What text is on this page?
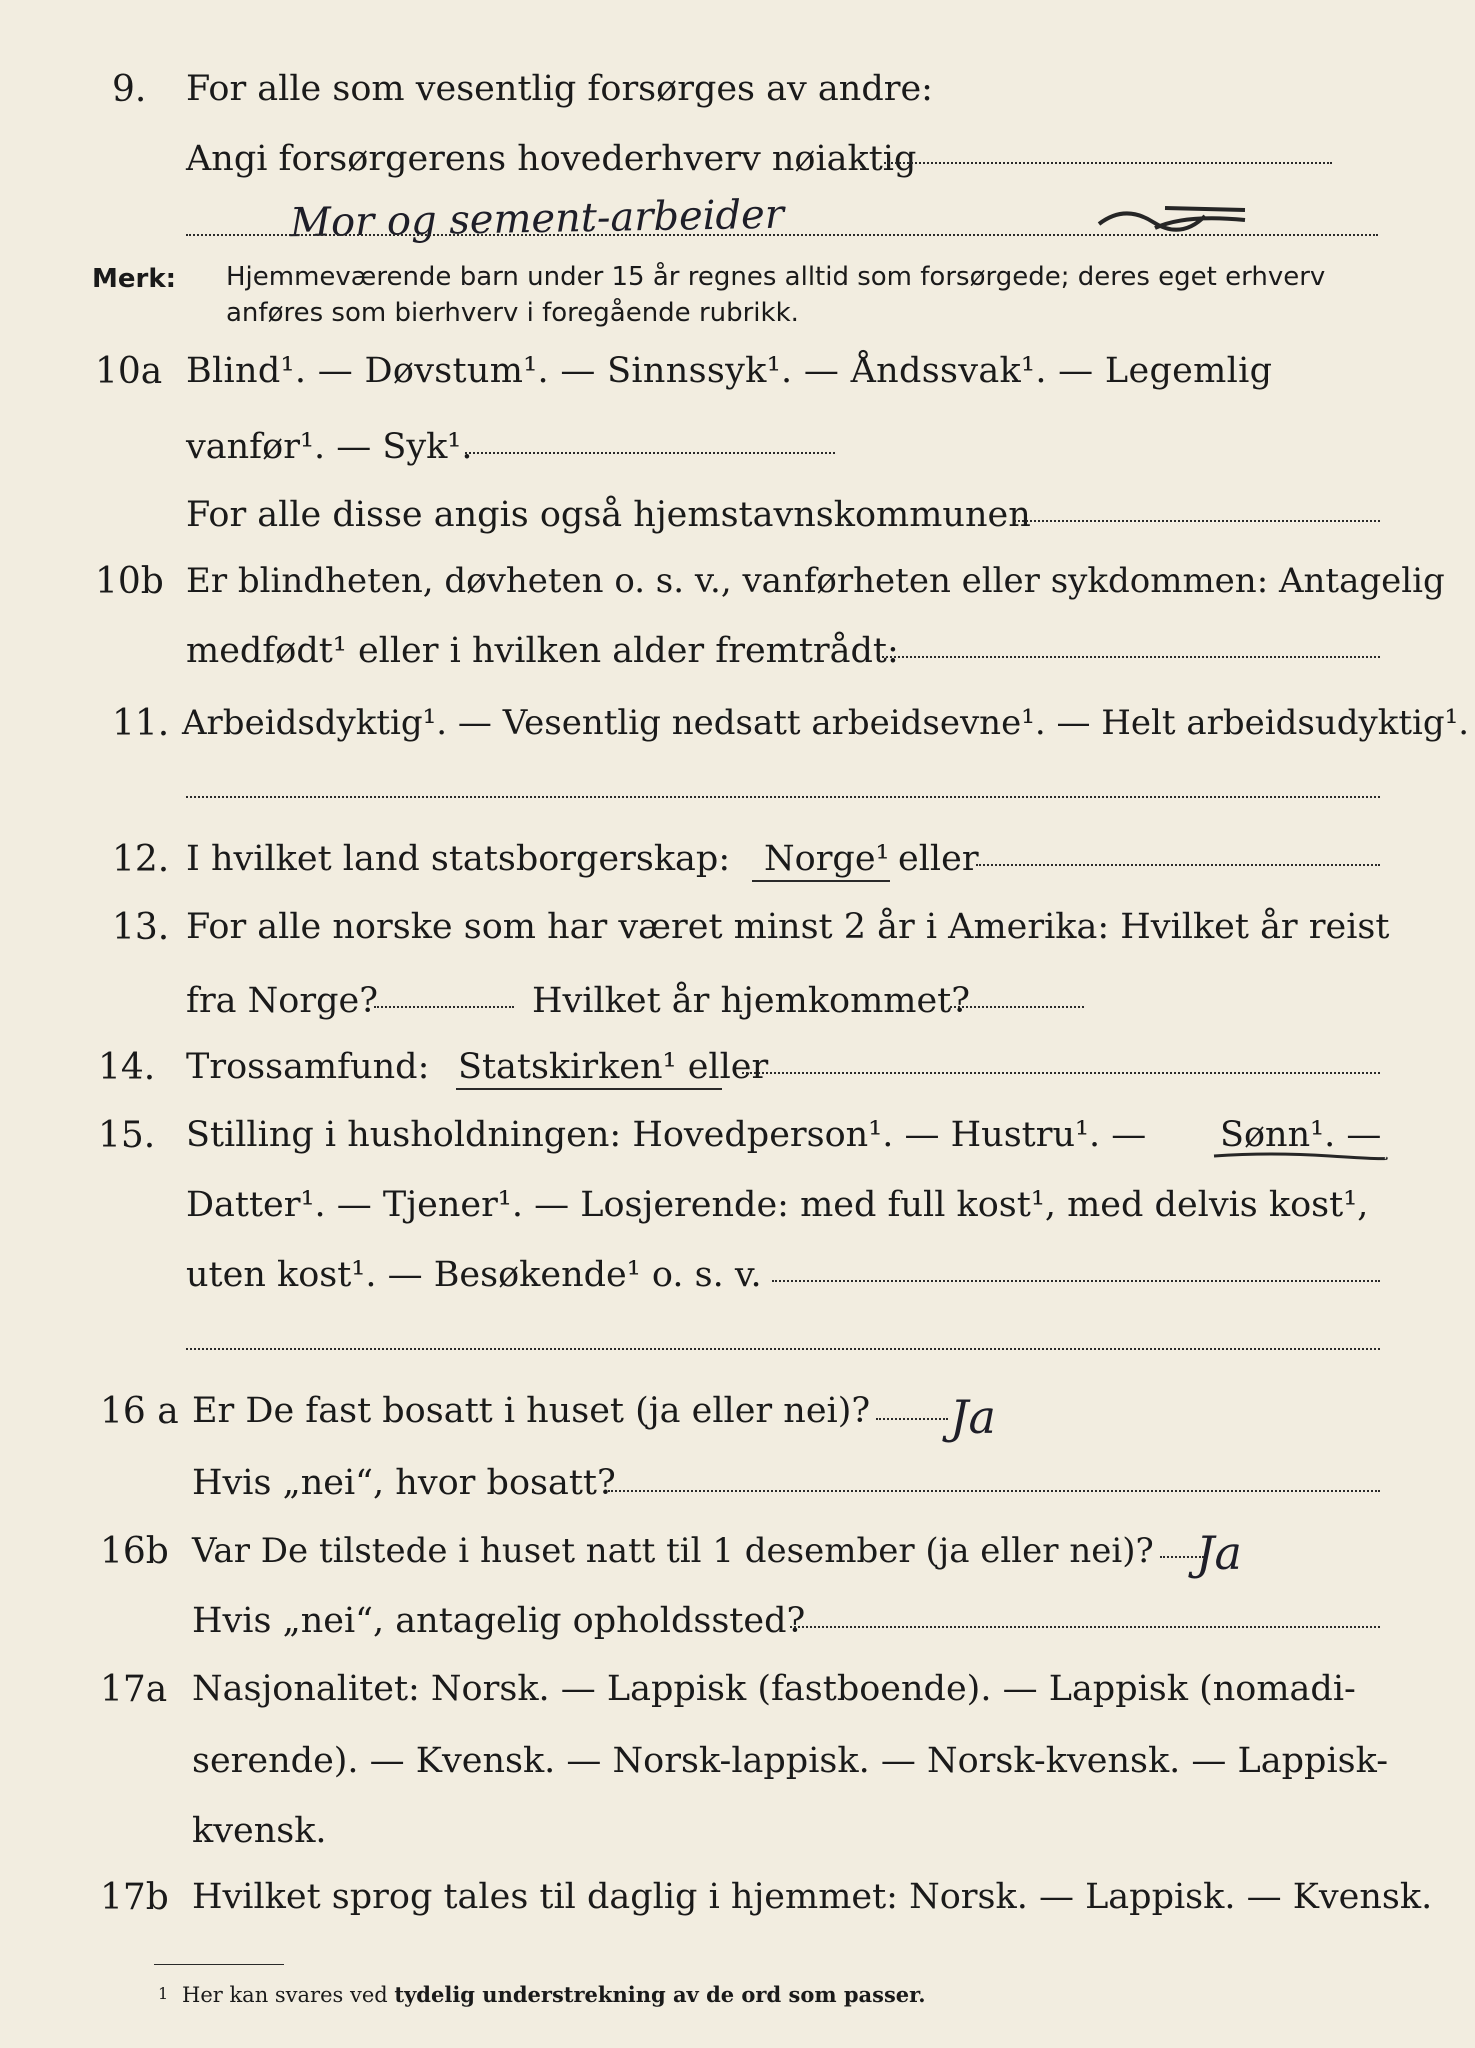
9. For alle som vesentlig forsørges av andre:
Angi forsørgerens hovederhverv nøiaktig
Mor og sement-arbeider
Merk: Hjemmeværende barn under 15 år regnes alltid som forsørgede; deres eget erhverv
anføres som bierhverv i foregående rubrikk.
10a Blind¹. — Døvstum¹. — Sinnssyk¹. — Åndssvak¹. — Legemlig
vanfør¹. — Syk¹.
For alle disse angis også hjemstavnskommunen
10b Er blindheten, døvheten o. s. v., vanførheten eller sykdommen: Antagelig
medfødt¹ eller i hvilken alder fremtrådt:
11. Arbeidsdyktig¹. — Vesentlig nedsatt arbeidsevne¹. — Helt arbeidsudyktig¹.
12. I hvilket land statsborgerskap: Norge¹ eller
13. For alle norske som har været minst 2 år i Amerika: Hvilket år reist
fra Norge?	Hvilket år hjemkommet?
14. Trossamfund: Statskirken¹ eller
15. Stilling i husholdningen: Hovedperson¹. — Hustru¹. — Sønn¹. —
Datter¹. — Tjener¹. — Losjerende: med full kost¹, med delvis kost¹,
uten kost¹. — Besøkende¹ o. s. v.
16 a Er De fast bosatt i huset (ja eller nei)? Ja
Hvis „nei“, hvor bosatt?
16b Var De tilstede i huset natt til 1 desember (ja eller nei)? Ja
Hvis „nei“, antagelig opholdssted?
17a Nasjonalitet: Norsk. — Lappisk (fastboende). — Lappisk (nomadi-
serende). — Kvensk. — Norsk-lappisk. — Norsk-kvensk. — Lappisk-
kvensk.
17b Hvilket sprog tales til daglig i hjemmet: Norsk. — Lappisk. — Kvensk.
1 Her kan svares ved tydelig understrekning av de ord som passer.
